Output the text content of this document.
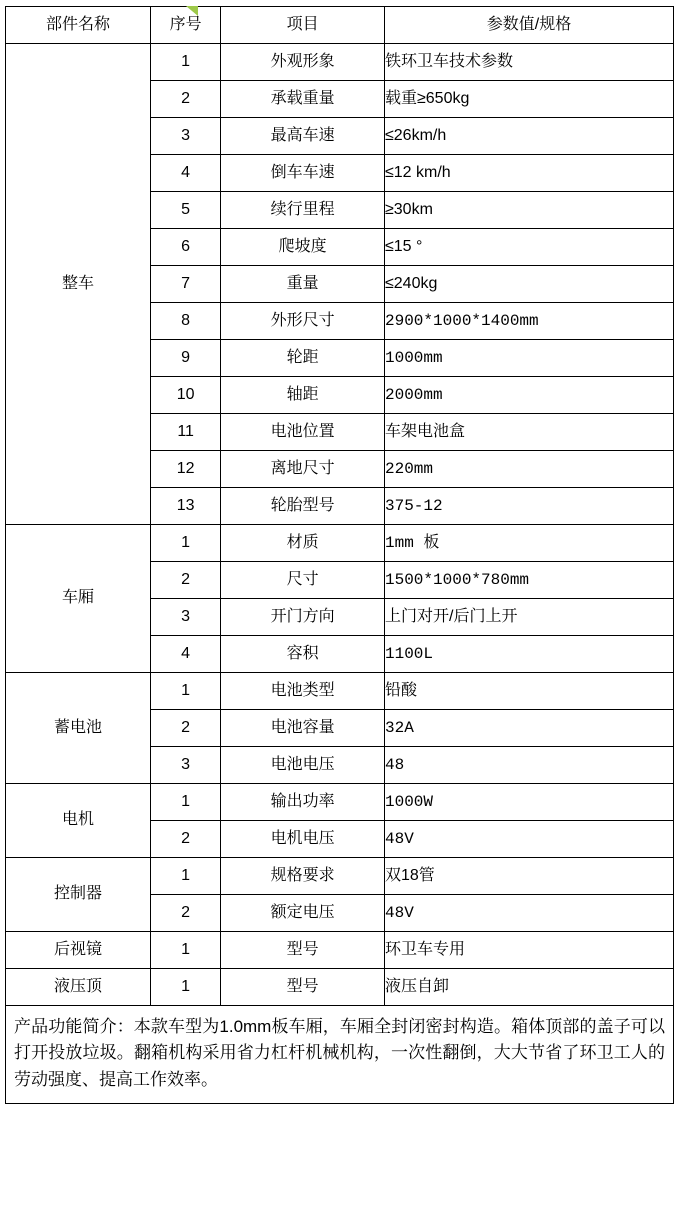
部件名称	序号	项目	参数值/规格
整车	1	外观形象	铁环卫车技术参数
	2	承载重量	载重≥650kg
	3	最高车速	≤26km/h
	4	倒车车速	≤12 km/h
	5	续行里程	≥30km
	6	爬坡度	≤15 °
	7	重量	≤240kg
	8	外形尺寸	2900*1000*1400mm
	9	轮距	1000mm
	10	轴距	2000mm
	11	电池位置	车架电池盒
	12	离地尺寸	220mm
	13	轮胎型号	375-12
车厢	1	材质	1mm 板
	2	尺寸	1500*1000*780mm
	3	开门方向	上门对开/后门上开
	4	容积	1100L
蓄电池	1	电池类型	铅酸
	2	电池容量	32A
	3	电池电压	48
电机	1	输出功率	1000W
	2	电机电压	48V
控制器	1	规格要求	双18管
	2	额定电压	48V
后视镜	1	型号	环卫车专用
液压顶	1	型号	液压自卸
产品功能简介：本款车型为1.0mm板车厢，车厢全封闭密封构造。箱体顶部的盖子可以打开投放垃圾。翻箱机构采用省力杠杆机械机构，一次性翻倒，大大节省了环卫工人的劳动强度、提高工作效率。
